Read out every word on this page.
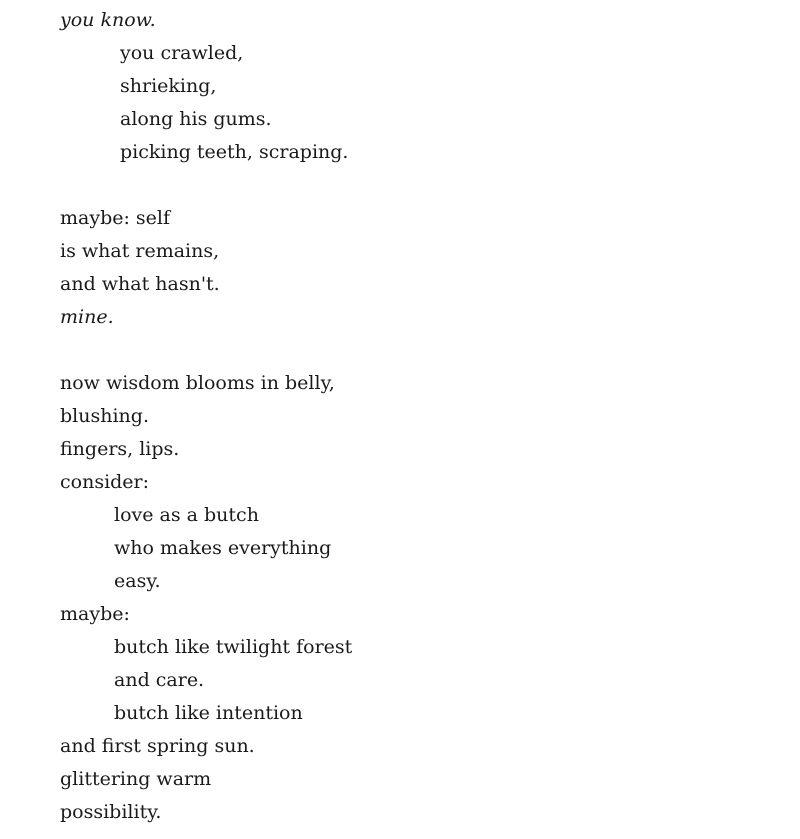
you know.
you crawled,
shrieking,
along his gums.
picking teeth, scraping.
maybe: self
is what remains,
and what hasn't.
mine.
now wisdom blooms in belly,
blushing.
fingers, lips.
consider:
love as a butch
who makes everything
easy.
maybe:
butch like twilight forest
and care.
butch like intention
and first spring sun.
glittering warm
possibility.
